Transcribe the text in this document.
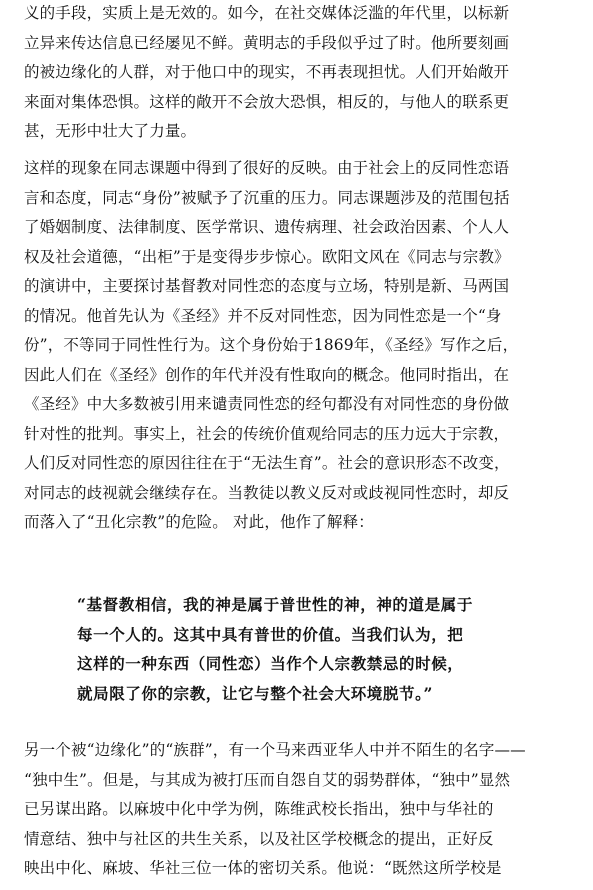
义的手段，实质上是无效的。如今，在社交媒体泛滥的年代里，以标新
立异来传达信息已经屡见不鲜。黄明志的手段似乎过了时。他所要刻画
的被边缘化的人群，对于他口中的现实，不再表现担忧。人们开始敞开
来面对集体恐惧。这样的敞开不会放大恐惧，相反的，与他人的联系更
甚，无形中壮大了力量。
这样的现象在同志课题中得到了很好的反映。由于社会上的反同性恋语
言和态度，同志“身份”被赋予了沉重的压力。同志课题涉及的范围包括
了婚姻制度、法律制度、医学常识、遗传病理、社会政治因素、个人人
权及社会道德，“出柜”于是变得步步惊心。欧阳文风在《同志与宗教》
的演讲中，主要探讨基督教对同性恋的态度与立场，特别是新、马两国
的情况。他首先认为《圣经》并不反对同性恋，因为同性恋是一个“身
份”，不等同于同性性行为。这个身份始于1869年，《圣经》写作之后，
因此人们在《圣经》创作的年代并没有性取向的概念。他同时指出，在
《圣经》中大多数被引用来谴责同性恋的经句都没有对同性恋的身份做
针对性的批判。事实上，社会的传统价值观给同志的压力远大于宗教，
人们反对同性恋的原因往往在于“无法生育”。社会的意识形态不改变，
对同志的歧视就会继续存在。当教徒以教义反对或歧视同性恋时，却反
而落入了“丑化宗教”的危险。 对此，他作了解释：
“基督教相信，我的神是属于普世性的神，神的道是属于
每一个人的。这其中具有普世的价值。当我们认为，把
这样的一种东西（同性恋）当作个人宗教禁忌的时候，
就局限了你的宗教，让它与整个社会大环境脱节。”
另一个被“边缘化”的“族群”，有一个马来西亚华人中并不陌生的名字——
“独中生”。但是，与其成为被打压而自怨自艾的弱势群体，“独中”显然
已另谋出路。以麻坡中化中学为例，陈维武校长指出，独中与华社的
情意结、独中与社区的共生关系，以及社区学校概念的提出，正好反
映出中化、麻坡、华社三位一体的密切关系。他说：“既然这所学校是
